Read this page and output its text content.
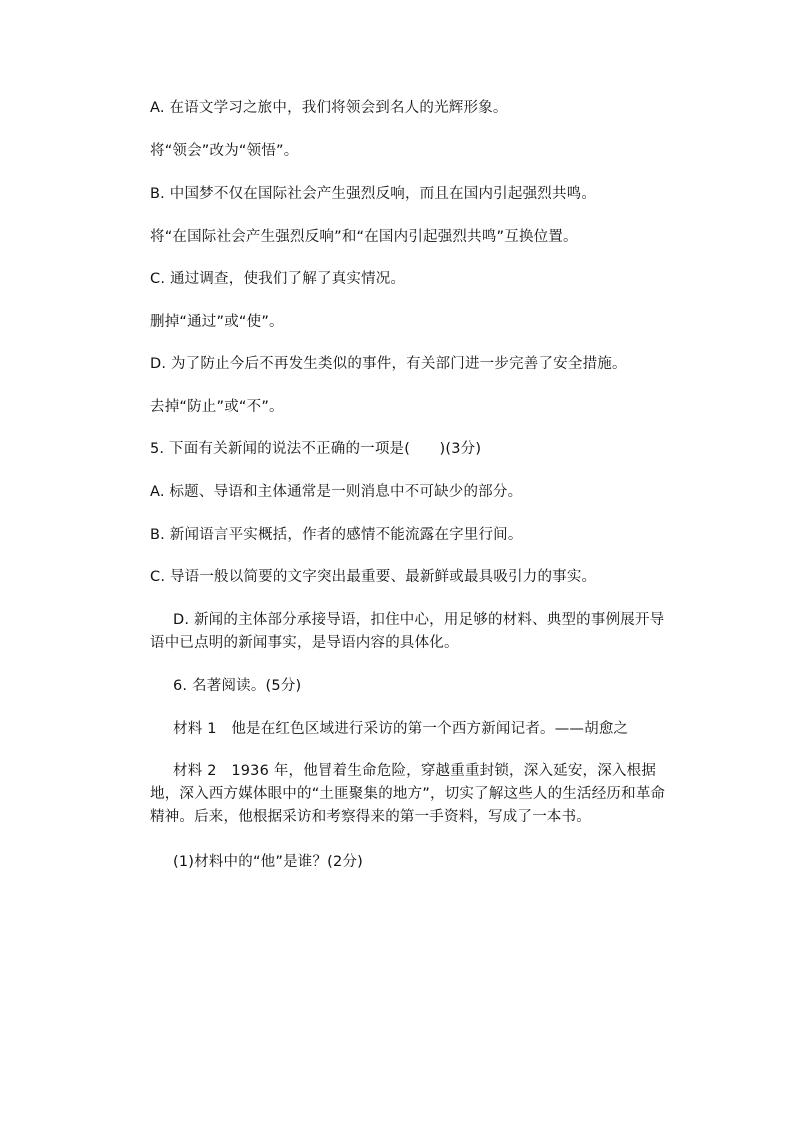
A. 在语文学习之旅中，我们将领会到名人的光辉形象。
将“领会”改为“领悟”。
B. 中国梦不仅在国际社会产生强烈反响，而且在国内引起强烈共鸣。
将“在国际社会产生强烈反响”和“在国内引起强烈共鸣”互换位置。
C. 通过调查，使我们了解了真实情况。
删掉“通过”或“使”。
D. 为了防止今后不再发生类似的事件，有关部门进一步完善了安全措施。
去掉“防止”或“不”。
5. 下面有关新闻的说法不正确的一项是(　　)(3分)
A. 标题、导语和主体通常是一则消息中不可缺少的部分。
B. 新闻语言平实概括，作者的感情不能流露在字里行间。
C. 导语一般以简要的文字突出最重要、最新鲜或最具吸引力的事实。
D. 新闻的主体部分承接导语，扣住中心，用足够的材料、典型的事例展开导语中已点明的新闻事实，是导语内容的具体化。
6. 名著阅读。(5分)
材料 1　他是在红色区域进行采访的第一个西方新闻记者。——胡愈之
材料 2　1936 年，他冒着生命危险，穿越重重封锁，深入延安，深入根据地，深入西方媒体眼中的“土匪聚集的地方”，切实了解这些人的生活经历和革命精神。后来，他根据采访和考察得来的第一手资料，写成了一本书。
(1)材料中的“他”是谁？(2分)
